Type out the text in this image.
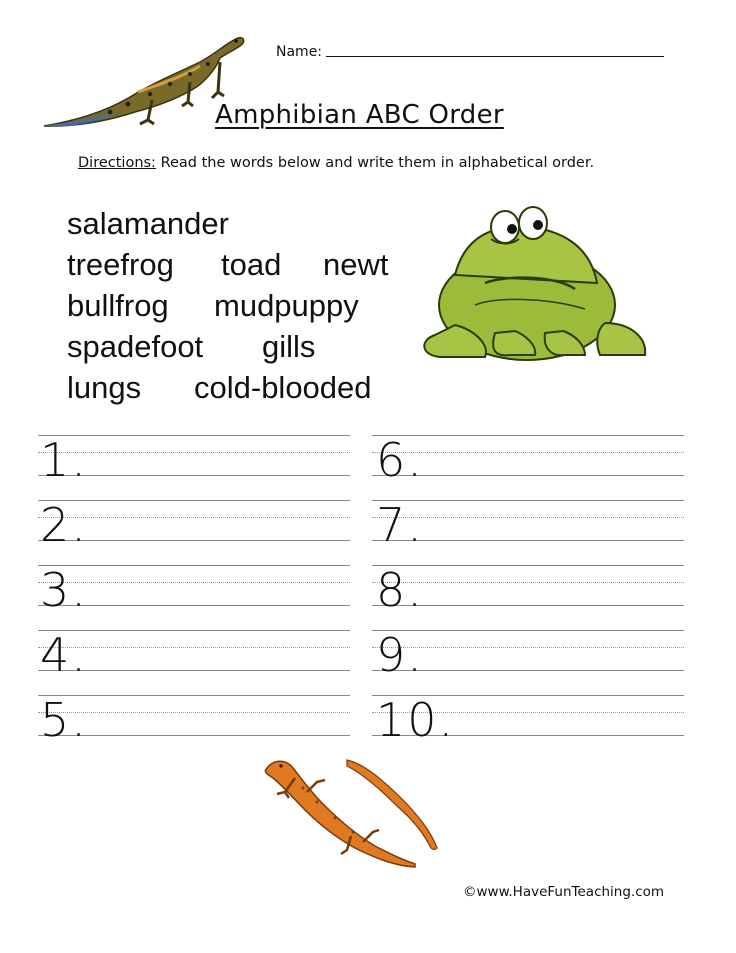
Name:
Amphibian ABC Order
Directions: Read the words below and write them in alphabetical order.
salamander
treefrog toad newt
bullfrog mudpuppy
spadefoot gills
lungs cold-blooded
1.
2.
3.
4.
5.
6.
7.
8.
9.
10.
©www.HaveFunTeaching.com
